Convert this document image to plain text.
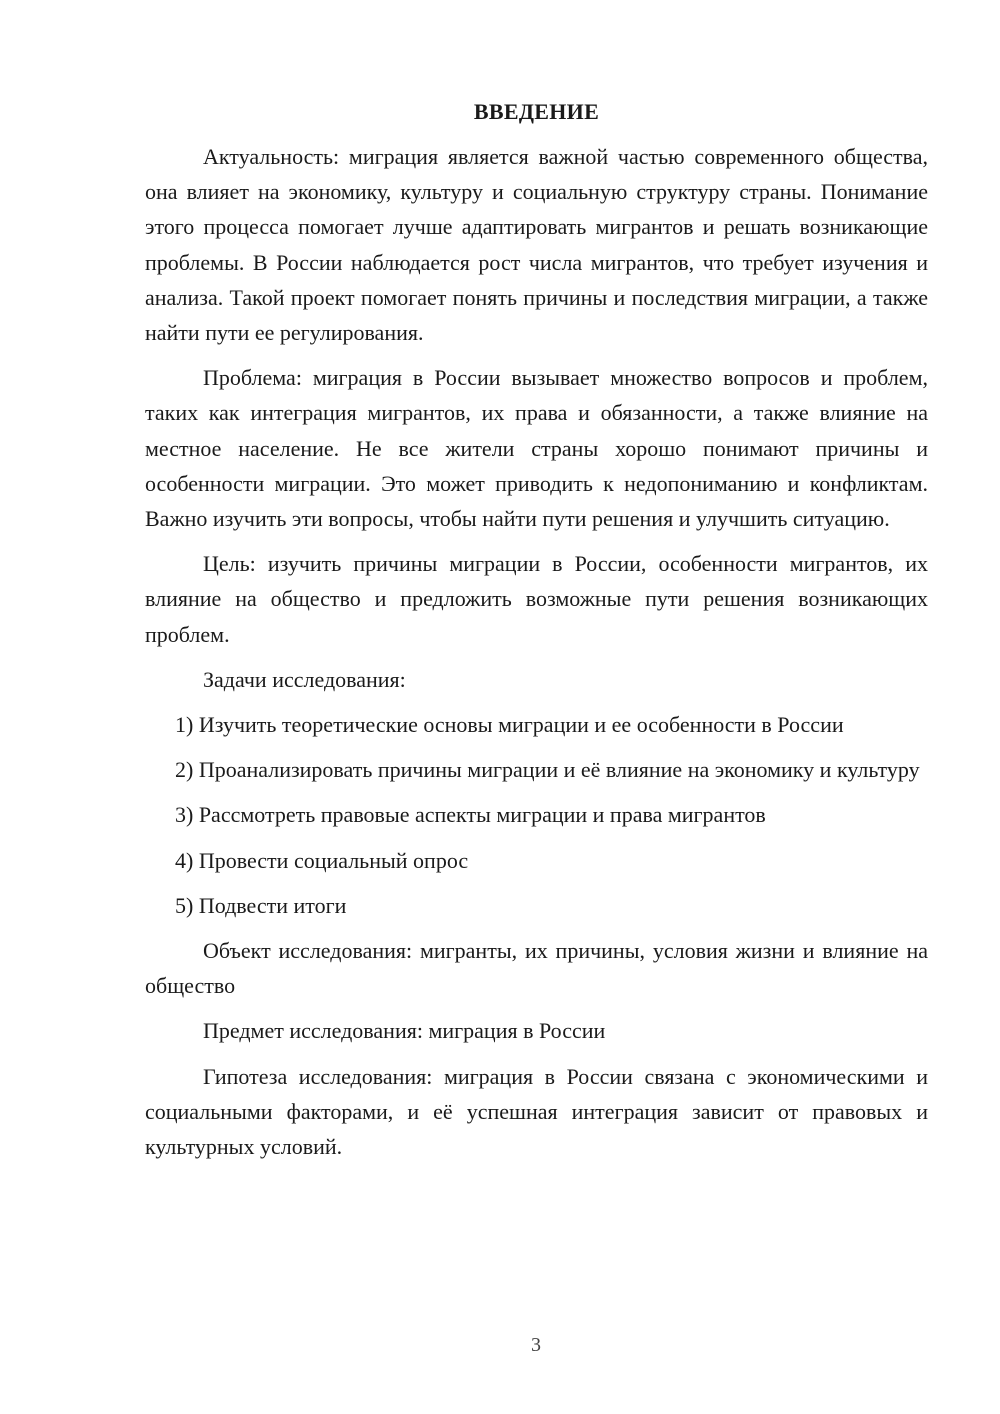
ВВЕДЕНИЕ

Актуальность: миграция является важной частью современного общества, она влияет на экономику, культуру и социальную структуру страны. Понимание этого процесса помогает лучше адаптировать мигрантов и решать возникающие проблемы. В России наблюдается рост числа мигрантов, что требует изучения и анализа. Такой проект помогает понять причины и последствия миграции, а также найти пути ее регулирования.

Проблема: миграция в России вызывает множество вопросов и проблем, таких как интеграция мигрантов, их права и обязанности, а также влияние на местное население. Не все жители страны хорошо понимают причины и особенности миграции. Это может приводить к недопониманию и конфликтам. Важно изучить эти вопросы, чтобы найти пути решения и улучшить ситуацию.

Цель: изучить причины миграции в России, особенности мигрантов, их влияние на общество и предложить возможные пути решения возникающих проблем.

Задачи исследования:

1) Изучить теоретические основы миграции и ее особенности в России

2) Проанализировать причины миграции и её влияние на экономику и культуру

3) Рассмотреть правовые аспекты миграции и права мигрантов

4) Провести социальный опрос

5) Подвести итоги

Объект исследования: мигранты, их причины, условия жизни и влияние на общество

Предмет исследования: миграция в России

Гипотеза исследования: миграция в России связана с экономическими и социальными факторами, и её успешная интеграция зависит от правовых и культурных условий.

3
